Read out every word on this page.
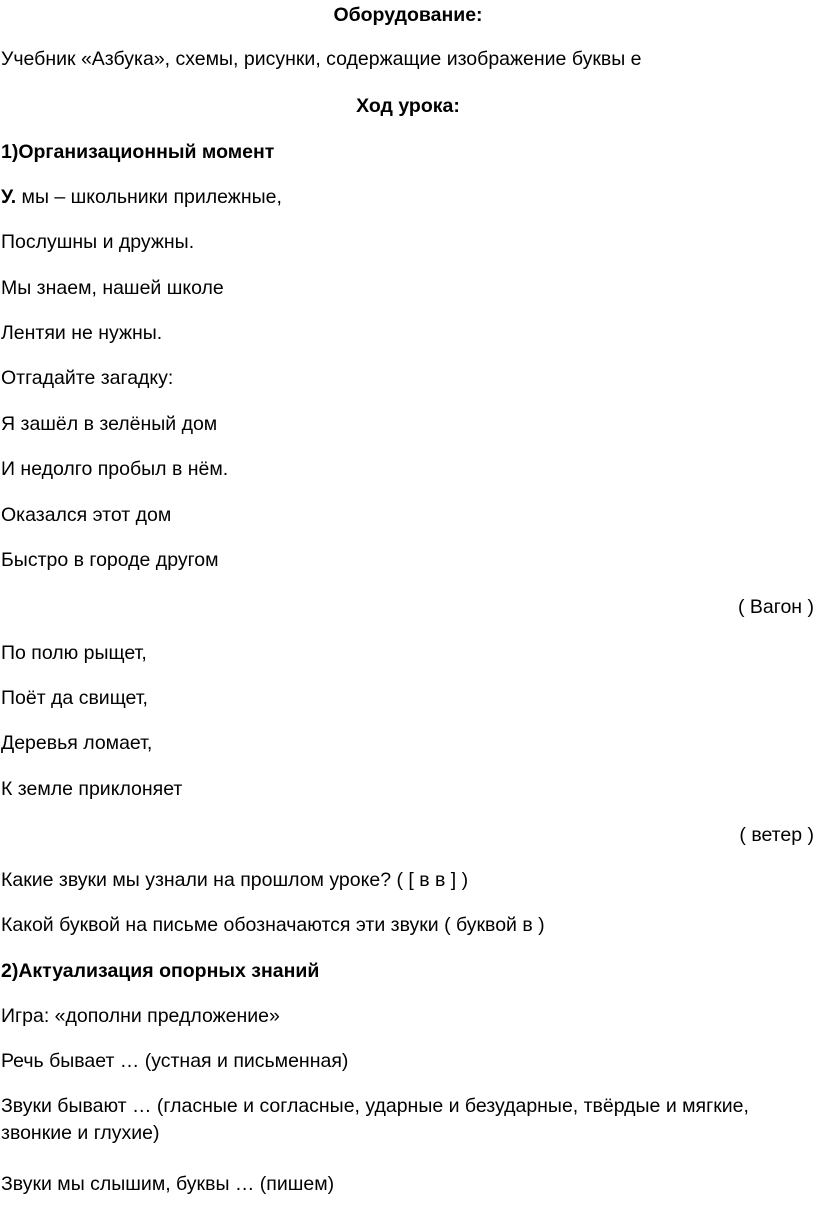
Оборудование:
Учебник «Азбука», схемы, рисунки, содержащие изображение буквы е
Ход урока:
1)Организационный момент
У. мы – школьники прилежные,
Послушны и дружны.
Мы знаем, нашей школе
Лентяи не нужны.
Отгадайте загадку:
Я зашёл в зелёный дом
И недолго пробыл в нём.
Оказался этот дом
Быстро в городе другом
( Вагон )
По полю рыщет,
Поёт да свищет,
Деревья ломает,
К земле приклоняет
( ветер )
Какие звуки мы узнали на прошлом уроке? ( [ в в ] )
Какой буквой на письме обозначаются эти звуки ( буквой в )
2)Актуализация опорных знаний
Игра: «дополни предложение»
Речь бывает … (устная и письменная)
Звуки бывают … (гласные и согласные, ударные и безударные, твёрдые и мягкие, звонкие и глухие)
Звуки мы слышим, буквы … (пишем)
